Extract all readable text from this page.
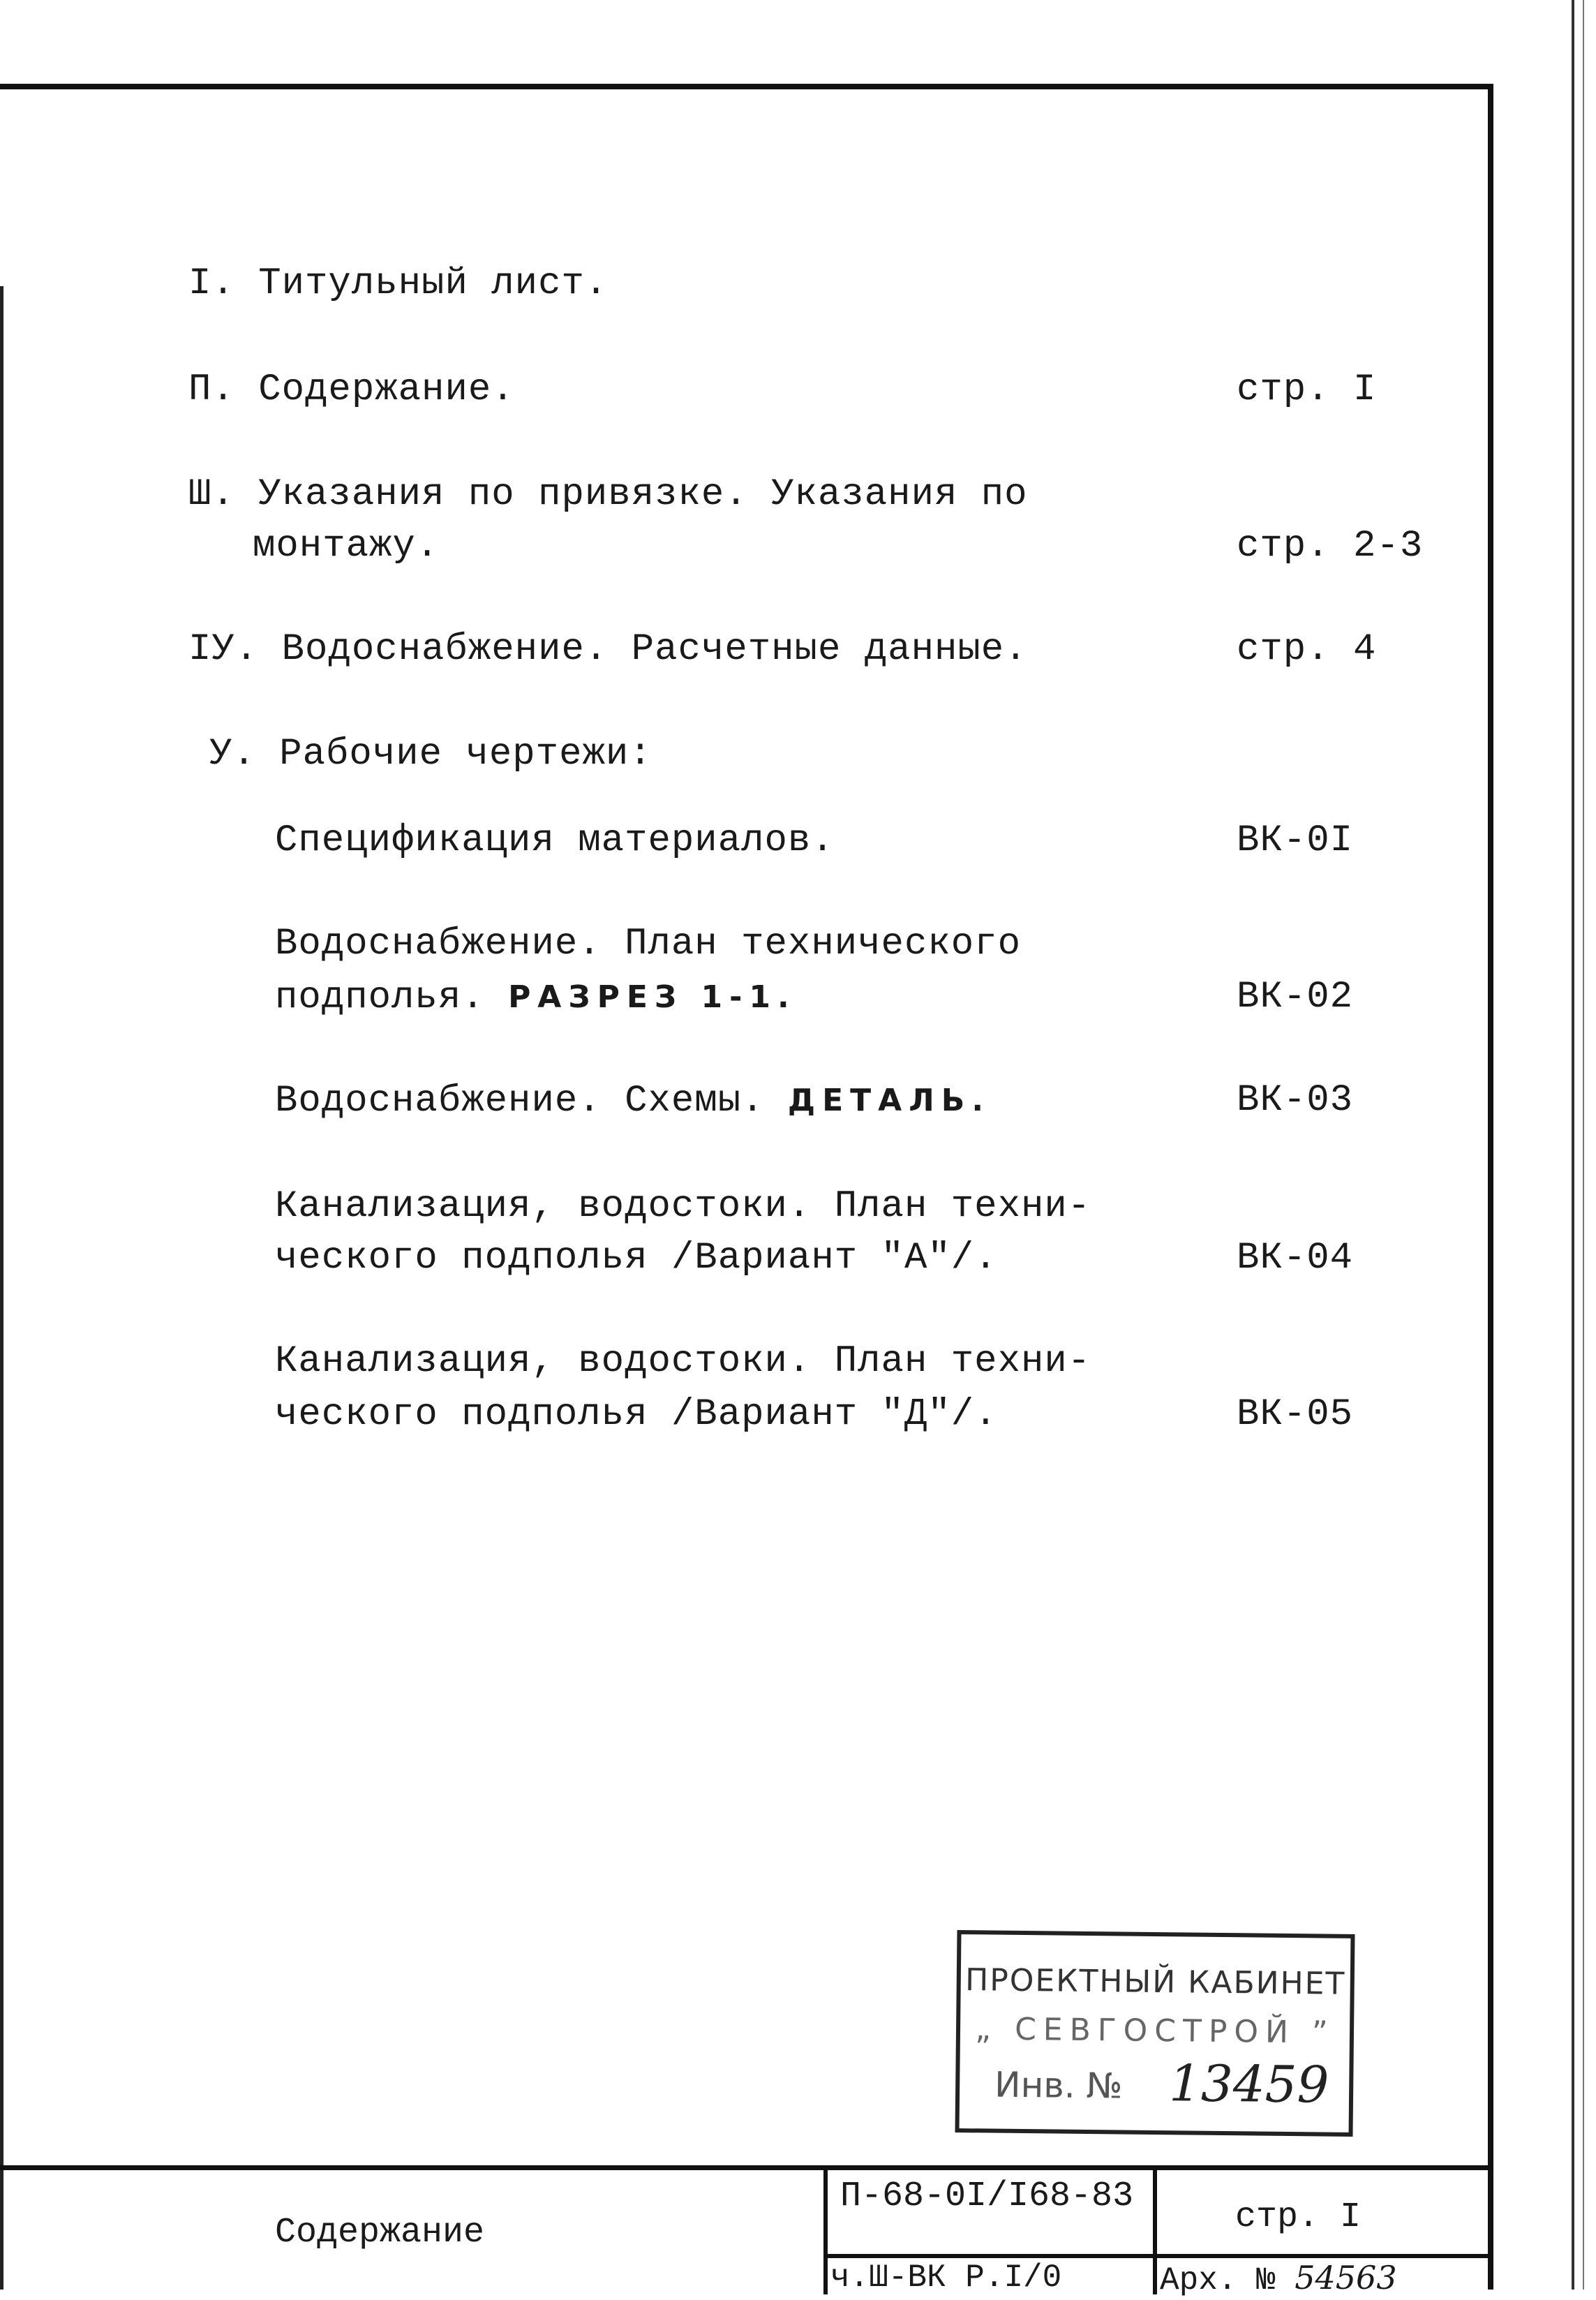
I. Титульный лист.
П. Содержание.	стр. I
Ш. Указания по привязке. Указания по
монтажу.	стр. 2-3
IУ. Водоснабжение. Расчетные данные.	стр. 4
У. Рабочие чертежи:
Спецификация материалов.	ВК-0I
Водоснабжение. План технического
подполья. РАЗРЕЗ 1-1.	ВК-02
Водоснабжение. Схемы. ДЕТАЛЬ.	ВК-03
Канализация, водостоки. План техни-
ческого подполья /Вариант "А"/.	ВК-04
Канализация, водостоки. План техни-
ческого подполья /Вариант "Д"/.	ВК-05
ПРОЕКТНЫЙ КАБИНЕТ
„ СЕВГОСТРОЙ ”
Инв. № 13459
Содержание
П-68-0I/I68-83
стр. I
ч.Ш-ВК Р.I/0	Арх. № 54563
